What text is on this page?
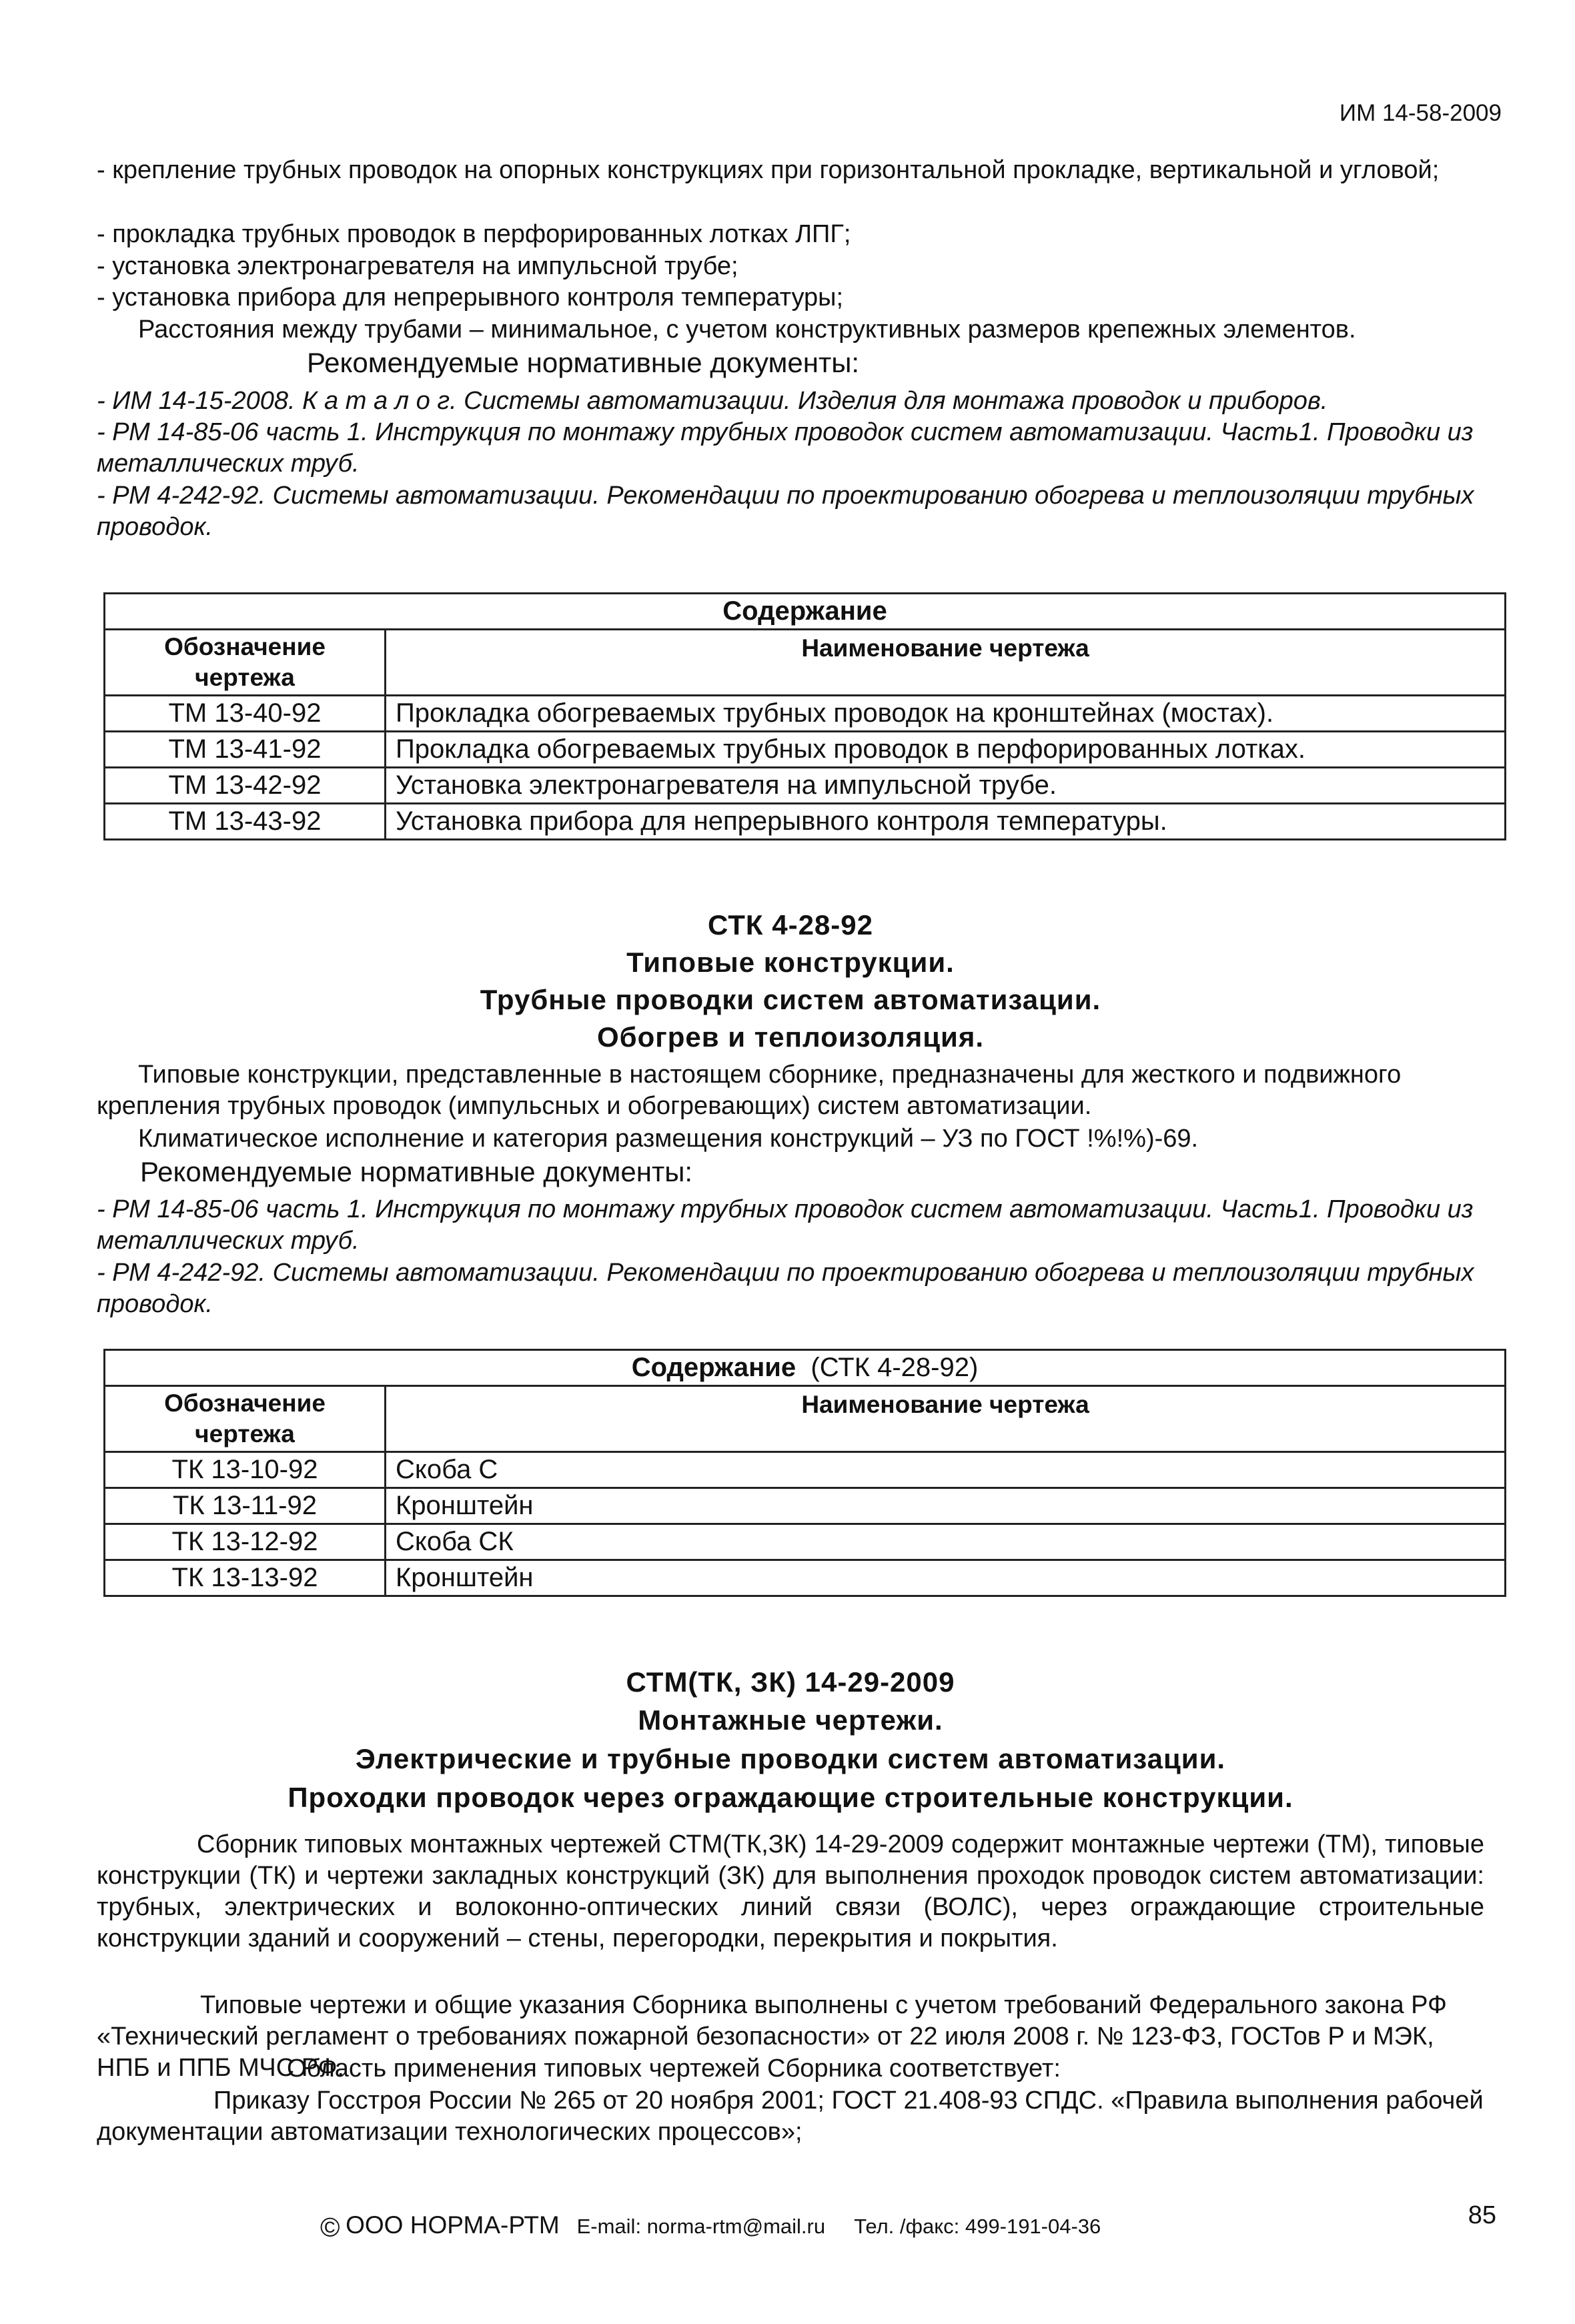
ИМ 14-58-2009

- крепление трубных проводок на опорных конструкциях при горизонтальной прокладке, вертикальной и угловой;

- прокладка трубных проводок в перфорированных лотках ЛПГ;

- установка электронагревателя на импульсной трубе;

- установка прибора для непрерывного контроля температуры;

Расстояния между трубами – минимальное, с учетом конструктивных размеров крепежных элементов.

Рекомендуемые нормативные документы:

- ИМ 14-15-2008. К а т а л о г. Системы автоматизации. Изделия для монтажа проводок и приборов.

- РМ 14-85-06 часть 1. Инструкция по монтажу трубных проводок систем автоматизации. Часть1. Проводки из металлических труб.

- РМ 4-242-92. Системы автоматизации. Рекомендации по проектированию обогрева и теплоизоляции трубных проводок.

Содержание	
Обозначение чертежа	Наименование чертежа
ТМ 13-40-92	Прокладка обогреваемых трубных проводок на кронштейнах (мостах).
ТМ 13-41-92	Прокладка обогреваемых трубных проводок в перфорированных лотках.
ТМ 13-42-92	Установка электронагревателя на импульсной трубе.
ТМ 13-43-92	Установка прибора для непрерывного контроля температуры.
СТК 4-28-92
Типовые конструкции.
Трубные проводки систем автоматизации.
Обогрев и теплоизоляция.

Типовые конструкции, представленные в настоящем сборнике, предназначены для жесткого и подвижного крепления трубных проводок (импульсных и обогревающих) систем автоматизации.

Климатическое исполнение и категория размещения конструкций – УЗ по ГОСТ !%!%)-69.

Рекомендуемые нормативные документы:

- РМ 14-85-06 часть 1. Инструкция по монтажу трубных проводок систем автоматизации. Часть1. Проводки из металлических труб.

- РМ 4-242-92. Системы автоматизации. Рекомендации по проектированию обогрева и теплоизоляции трубных проводок.

Содержание (СТК 4-28-92)	
Обозначение чертежа	Наименование чертежа
ТК 13-10-92	Скоба С
ТК 13-11-92	Кронштейн
ТК 13-12-92	Скоба СК
ТК 13-13-92	Кронштейн
СТМ(ТК, ЗК) 14-29-2009
Монтажные чертежи.
Электрические и трубные проводки систем автоматизации.
Проходки проводок через ограждающие строительные конструкции.

Сборник типовых монтажных чертежей СТМ(ТК,ЗК) 14-29-2009 содержит монтажные чертежи (ТМ), типовые конструкции (ТК) и чертежи закладных конструкций (ЗК) для выполнения проходок проводок систем автоматизации: трубных, электрических и волоконно-оптических линий связи (ВОЛС), через ограждающие строительные конструкции зданий и сооружений – стены, перегородки, перекрытия и покрытия.

Типовые чертежи и общие указания Сборника выполнены с учетом требований Федерального закона РФ «Технический регламент о требованиях пожарной безопасности» от 22 июля 2008 г. № 123-ФЗ, ГОСТов Р и МЭК, НПБ и ППБ МЧС РФ.

Область применения типовых чертежей Сборника соответствует:

Приказу Госстроя России № 265 от 20 ноября 2001; ГОСТ 21.408-93 СПДС. «Правила выполнения рабочей документации автоматизации технологических процессов»;

© ООО НОРМА-РТМ E-mail: norma-rtm@mail.ru Тел. /факс: 499-191-04-36	85
